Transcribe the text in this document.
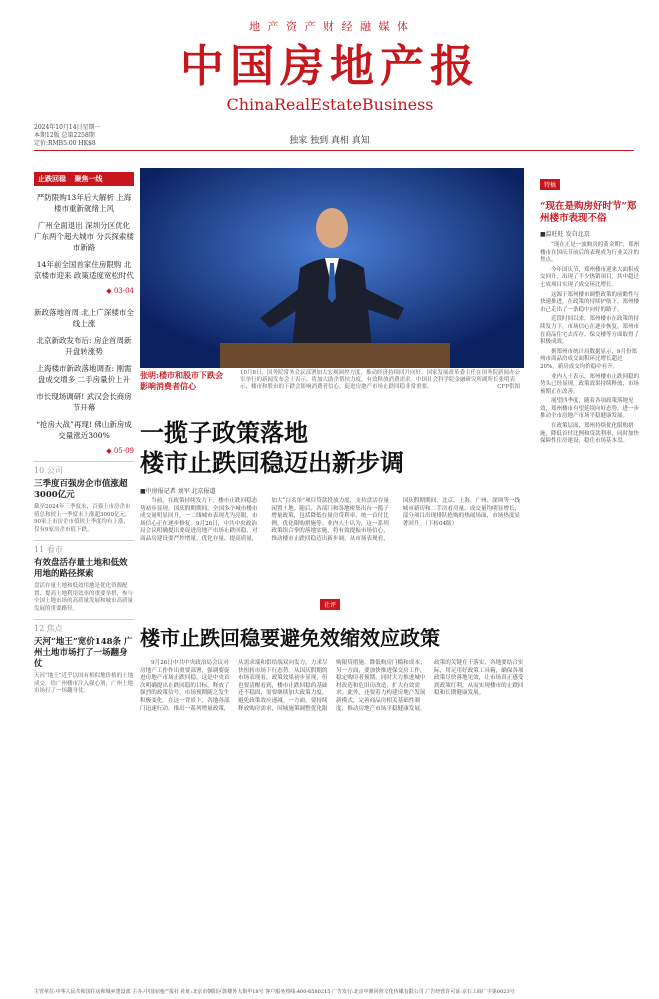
地 产 资 产 财 经 融 媒 体
中国房地产报
ChinaRealEstateBusiness
独家 独到 真相 真知
2024年10月14日星期一
本期12版 总第2258期
定价:RMB5.00 HK$8
止跌回稳 聚焦一线
严防限购13年后大解析 上海楼市重新就绪上风
广州全面退出 深圳分区优化 广东两个超大城市 分兵探索楼市新路
14年前全国首家住房限购 北京楼市迎来 政策适度宽松时代
◆ 03-04
新政落地首周 北上广深楼市全线上涨
北京新政发布后: 房企首周新开盘转涨势
上海楼市新政落地调查: 刚需盘成交增多 二手房量价上升
市长现场调研! 武汉会长商房节开幕
“抢房大战”再现! 佛山新房成交量涨近300%
◆ 05-09
10 公司
三季度百强房企市值涨超3000亿元
截至2024年三季度末，百强上市房企市值总和较上一季度末上涨超3000亿元，90家上市房企市值较上季度均有上涨，仅有9家房企市值下跌。
11 看市
有效盘活存量土地和低效用地的路径探索
盘活存量土地和低效用地是优化资源配置、提高土地利用效率的重要举措，参与全国土地市场的高质量发展和城市高质量发展的重要路径。
12 焦点
天河“地王”宽价148条 广州土地市场打了一场翻身仗
天河“地王”近乎以国有相似地价格的土地成交，给广州楼市注入强心剂，广州土地市场打了一场翻身仗。
张明:楼市和股市下跌会影响消费者信心
10月8日，国务院常务会议部署加大宏观调控力度，推动经济持续回升向好。国家发展改革委主任在国务院新闻办公室举行的新闻发布会上表示，将加大助企帮扶力度，有效释放消费需求。中国社会科学院金融研究所副所长张明表示，楼市和股市的下跌会影响消费者信心，促进房地产市场止跌回稳非常重要。	CFP供图
特稿
“现在是购房好时节”郑州楼市表现不俗
■温旺旺 发自北京

“现在正是一波购房的黄金期”，郑州楼市在国庆节前后的表现成为行业关注的焦点。

今年国庆节，郑州楼市迎来大面积成交回升，出现了不少热销项目，其中超过七成项目实现了成交环比增长。

这源于郑州楼市调整政策的前瞻性与快速推进，在政策的持续护航下，郑州楼市已走出了一条稳中向好的路子。

近段时间以来，郑州楼市在政策的持续发力下，市场信心在逐步恢复，郑州市在商品住宅去库存、保交楼等方面取得了积极成效。

据郑州市统计局数据显示，9月份郑州市商品房成交面积环比增长超过20%，新房成交均价稳中有升。

业内人士表示，郑州楼市止跌回稳的势头已经显现，政策效果持续释放，市场预期正在改善。

展望四季度，随着各项政策落地见效，郑州楼市有望延续向好态势，进一步推动全市房地产市场平稳健康发展。

在政策层面，郑州持续优化限购措施，降低首付比例和贷款利率，同时加快保障性住房建设，稳住市场基本盘。

一揽子政策落地
楼市止跌回稳迈出新步调
■中房报记者 刘军 北京报道

当前，在政策持续发力下，楼市止跌回稳态势初步显现。国庆假期期间，全国多个城市楼市成交量明显回升，一二线城市表现尤为亮眼，市场信心正在逐步修复。9月26日，中共中央政治局会议明确提出要促进房地产市场止跌回稳，对商品房建设要严控增量、优化存量、提高质量，加大“白名单”项目贷款投放力度，支持盘活存量闲置土地。随后，各部门和各地密集出台一揽子增量政策，包括降低存量房贷利率、统一首付比例、优化限购措施等。业内人士认为，这一系列政策组合拳的落地实施，将有效提振市场信心，推动楼市止跌回稳迈出新步调。从市场表现看，国庆假期期间，北京、上海、广州、深圳等一线城市新房和二手房看房量、成交量均明显增长，部分项目出现排队抢购的热闹场面，市场热度显著回升。（下转04版）

社评
楼市止跌回稳要避免效缩效应政策

9月26日中共中央政治局会议对房地产工作作出重要部署，强调要促进房地产市场止跌回稳。这是中央首次明确提出止跌回稳的目标，释放了强烈的政策信号，市场预期随之发生积极变化。在这一背景下，各地各部门迅速行动，推出一系列增量政策，从需求端和供给端双向发力，力求尽快扭转市场下行态势。从国庆假期的市场表现看，政策效果初步显现，但也要清醒看到，楼市止跌回稳的基础还不稳固，需要继续加大政策力度，避免政策效应递减。一方面，要持续释放购房需求，因城施策调整优化限购限贷措施，降低购房门槛和成本；另一方面，要加快推进保交房工作，稳定购房者预期，同时大力推进城中村改造和危旧房改造，扩大有效需求。此外，还要着力构建房地产发展新模式，完善商品房相关基础性制度，推动房地产市场平稳健康发展。政策的关键在于落实，各地要结合实际，用足用好政策工具箱，确保各项政策尽快落地见效，让市场真正感受到政策红利，从而实现楼市的止跌回稳和长期健康发展。

主管单位:中华人民共和国住房和城乡建设部 主办:中国房地产报社 社址:北京市朝阳区鼓楼外大街甲18号 客户服务热线:400-6580215 广告发行:北京中鼎同创文化传媒有限公司 广告经营许可证:京石工商广字第0023号
